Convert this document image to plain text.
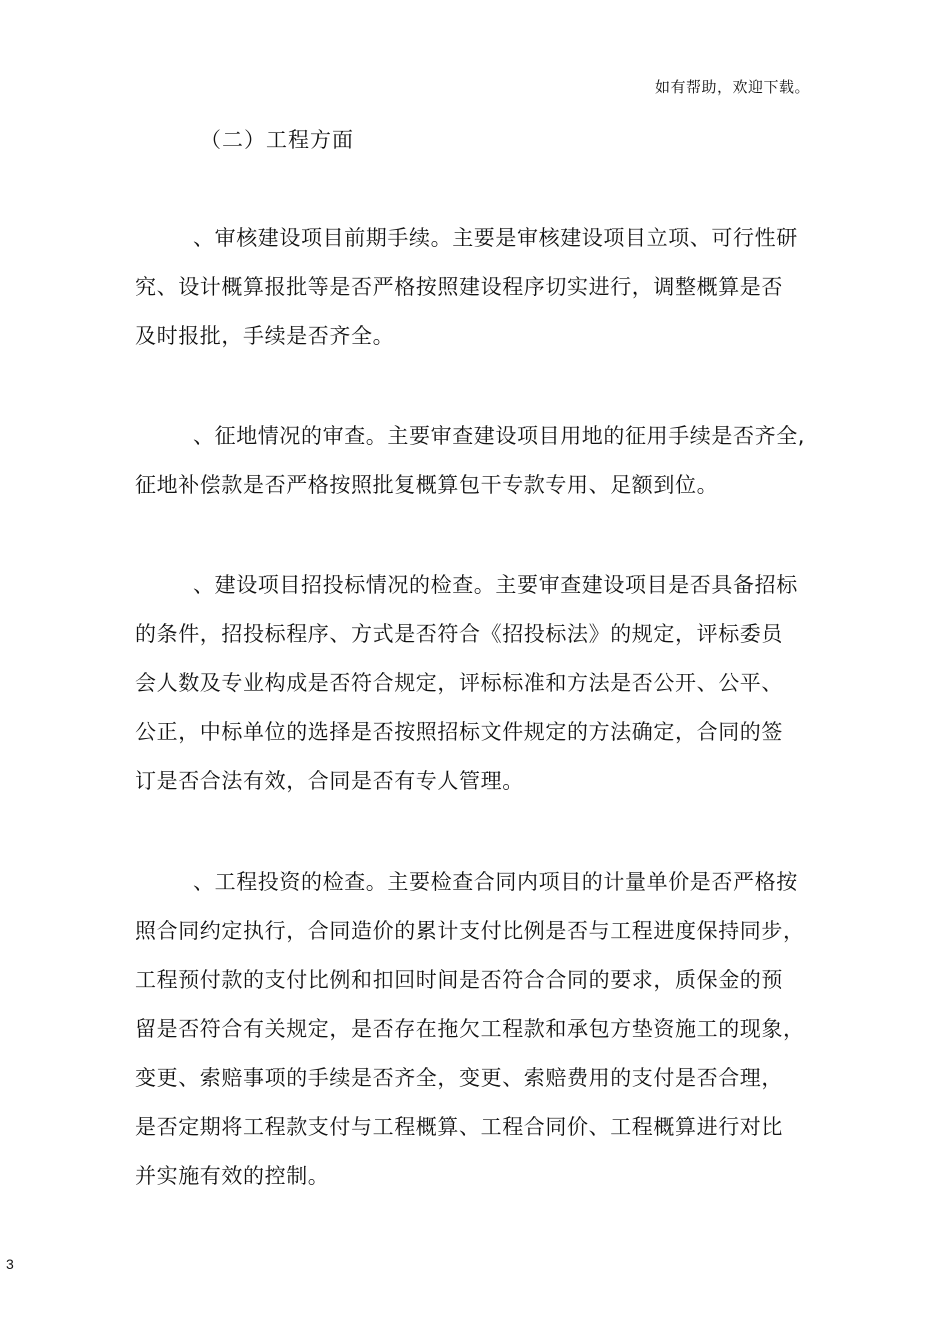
如有帮助，欢迎下载。
（二）工程方面
、审核建设项目前期手续。主要是审核建设项目立项、可行性研
究、设计概算报批等是否严格按照建设程序切实进行，调整概算是否
及时报批，手续是否齐全。
、征地情况的审查。主要审查建设项目用地的征用手续是否齐全,
征地补偿款是否严格按照批复概算包干专款专用、足额到位。
、建设项目招投标情况的检查。主要审查建设项目是否具备招标
的条件，招投标程序、方式是否符合《招投标法》的规定，评标委员
会人数及专业构成是否符合规定，评标标准和方法是否公开、公平、
公正，中标单位的选择是否按照招标文件规定的方法确定，合同的签
订是否合法有效，合同是否有专人管理。
、工程投资的检查。主要检查合同内项目的计量单价是否严格按
照合同约定执行，合同造价的累计支付比例是否与工程进度保持同步，
工程预付款的支付比例和扣回时间是否符合合同的要求，质保金的预
留是否符合有关规定，是否存在拖欠工程款和承包方垫资施工的现象，
变更、索赔事项的手续是否齐全，变更、索赔费用的支付是否合理，
是否定期将工程款支付与工程概算、工程合同价、工程概算进行对比
并实施有效的控制。
3
